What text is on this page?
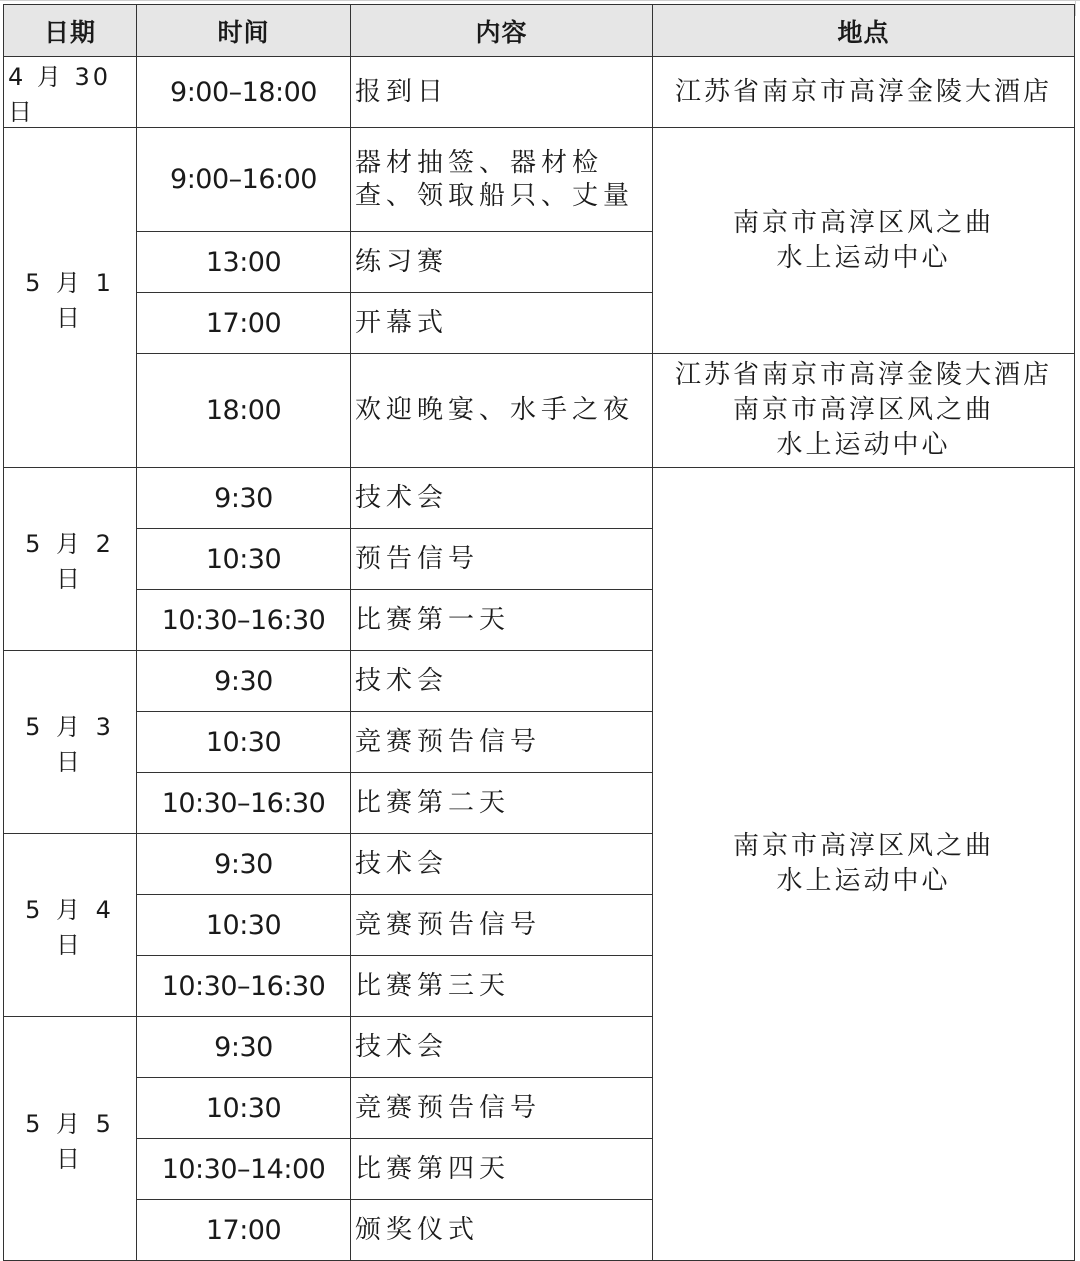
日期	时间	内容	地点
4 月 30 日	9:00–18:00	报到日	江苏省南京市高淳金陵大酒店

5 月 1 日	9:00–16:00	器材抽签、器材检查、领取船只、丈量	南京市高淳区风之曲
水上运动中心

	13:00	练习赛	
	17:00	开幕式	
	18:00	欢迎晚宴、水手之夜	江苏省南京市高淳金陵大酒店
南京市高淳区风之曲
水上运动中心

5 月 2 日	9:30	技术会	南京市高淳区风之曲
水上运动中心

	10:30	预告信号	
	10:30–16:30	比赛第一天	
5 月 3 日	9:30	技术会	
	10:30	竞赛预告信号	
	10:30–16:30	比赛第二天	
5 月 4 日	9:30	技术会	
	10:30	竞赛预告信号	
	10:30–16:30	比赛第三天	
5 月 5 日	9:30	技术会	
	10:30	竞赛预告信号	
	10:30–14:00	比赛第四天	
	17:00	颁奖仪式	
